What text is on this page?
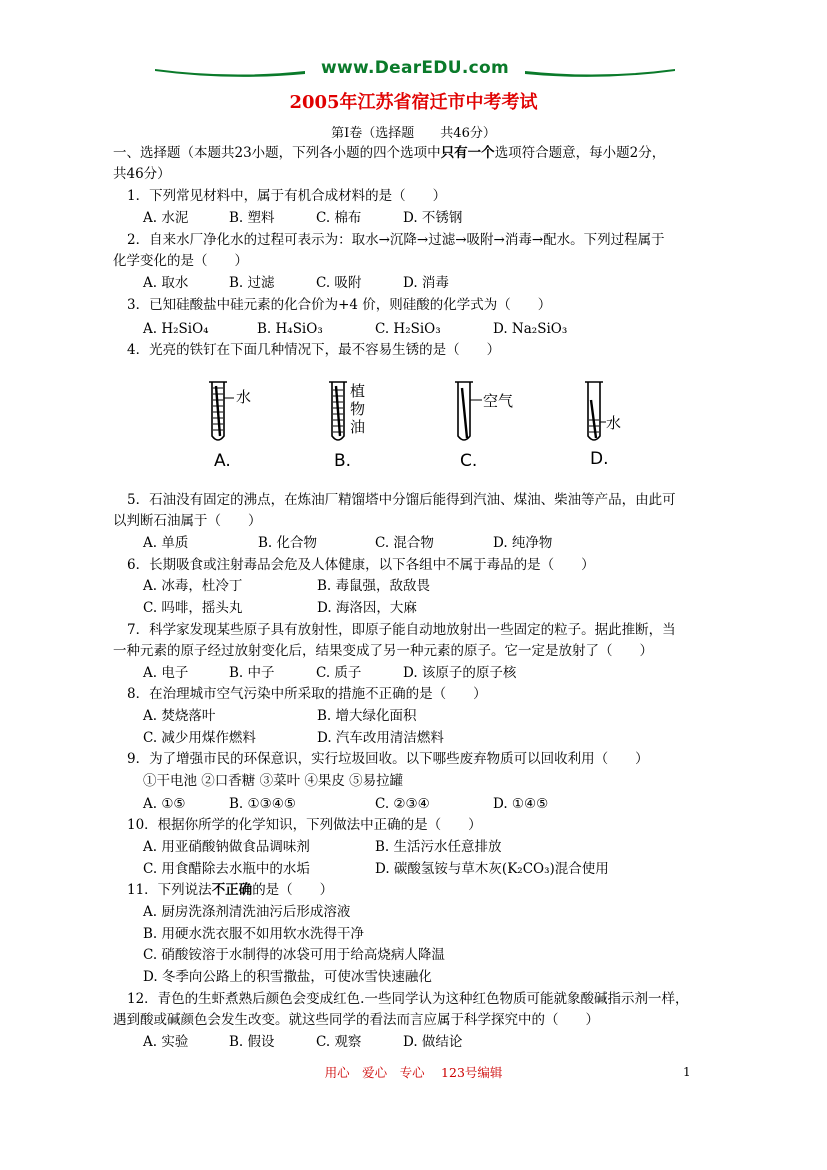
www.DearEDU.com
2005年江苏省宿迁市中考考试
第Ⅰ卷（选择题　　共46分）
一、选择题（本题共23小题，下列各小题的四个选项中只有一个选项符合题意，每小题2分，
共46分）
1．下列常见材料中，属于有机合成材料的是（　　）
A. 水泥	B. 塑料	C. 棉布	D. 不锈钢
2．自来水厂净化水的过程可表示为：取水→沉降→过滤→吸附→消毒→配水。下列过程属于
化学变化的是（　　）
A. 取水	B. 过滤	C. 吸附	D. 消毒
3．已知硅酸盐中硅元素的化合价为+4 价，则硅酸的化学式为（　　）
A. H₂SiO₄	B. H₄SiO₃	C. H₂SiO₃	D. Na₂SiO₃
4．光亮的铁钉在下面几种情况下，最不容易生锈的是（　　）
水	植
物
油
空气
水
A.	B.	C.	D.
5．石油没有固定的沸点，在炼油厂精馏塔中分馏后能得到汽油、煤油、柴油等产品，由此可
以判断石油属于（　　）
A. 单质	B. 化合物	C. 混合物	D. 纯净物
6．长期吸食或注射毒品会危及人体健康，以下各组中不属于毒品的是（　　）
A. 冰毒，杜冷丁	B. 毒鼠强，敌敌畏
C. 吗啡，摇头丸	D. 海洛因，大麻
7．科学家发现某些原子具有放射性，即原子能自动地放射出一些固定的粒子。据此推断，当
一种元素的原子经过放射变化后，结果变成了另一种元素的原子。它一定是放射了（　　）
A. 电子	B. 中子	C. 质子	D. 该原子的原子核
8．在治理城市空气污染中所采取的措施不正确的是（　　）
A. 焚烧落叶	B. 增大绿化面积
C. 减少用煤作燃料	D. 汽车改用清洁燃料
9．为了增强市民的环保意识，实行垃圾回收。以下哪些废弃物质可以回收利用（　　）
①干电池 ②口香糖 ③菜叶 ④果皮 ⑤易拉罐
A. ①⑤	B. ①③④⑤	C. ②③④	D. ①④⑤
10．根据你所学的化学知识，下列做法中正确的是（　　）
A. 用亚硝酸钠做食品调味剂	B. 生活污水任意排放
C. 用食醋除去水瓶中的水垢	D. 碳酸氢铵与草木灰(K₂CO₃)混合使用
11．下列说法不正确的是（　　）
A. 厨房洗涤剂清洗油污后形成溶液
B. 用硬水洗衣服不如用软水洗得干净
C. 硝酸铵溶于水制得的冰袋可用于给高烧病人降温
D. 冬季向公路上的积雪撒盐，可使冰雪快速融化
12．青色的生虾煮熟后颜色会变成红色.一些同学认为这种红色物质可能就象酸碱指示剂一样，
遇到酸或碱颜色会发生改变。就这些同学的看法而言应属于科学探究中的（　　）
A. 实验	B. 假设	C. 观察	D. 做结论
用心　爱心　专心　 123号编辑	1
